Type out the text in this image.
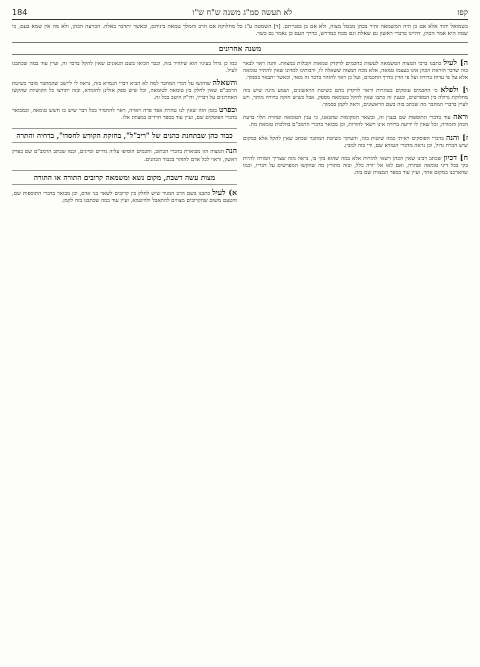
קפז
לא תעשה סמ"ג משנה ש"ח ש"ו
184
בשמואל יהוד אלא אם כן היה המשמאה זהיר בכהן מבטל מצוה, ולא אם כן בפנייתם. [ד] השמטה ע"ג כל מחלוקת אם הרב והמלך טמאה ביניהם, ובאשר יתדבר באלה. הכרעה הכהן, ולא מה אין שמא בעם, כי שמה היא אמר הכהן, דהיינו בדברי ראשון גם שאלת וגם מכח כמדרש, כדרך העם כן נאמר גם כשר.
משנה אחרונים

ה] לעיל כתבנו ברבי המצוה המשמאה לעשות כחכמים לדקדק טמאות וקבלות במצוות. והנה ראוי לבאר בזה שדבר הוראת הכהן אינו בעצמו טמאה, אלא מכח המצוה ששאלה לו, ורבותינו למדונו שאין להתיר טומאה אלא על פי עדות ברורה ועל פי הדין כדרך החכמים, ועל כן ראוי להזהר בדבר זה מאד, וכאשר יתבאר בסמוך.

ו] ולפלא כי החכמים עוסקים בטהרות וראוי לדקדק בהם כשיטת הראשונים, ושמע מינה שיש בזה מחלוקת גדולה בין המפרשים, ובענין זה כתבו שאין להקל בטומאה מספק, אבל כשיש חזקה ברורה מותר, ויש לעיין בדברי המחבר מה שכתב בזה בשם הראשונים, וראה לקמן בסמוך.

וראה עוד בדברי התוספות שם בענין זה, ובשאר המקומות שהבאנו, כי ענין הטומאה וטהרה תלוי בדעת הכהן והמורה, וכל שאין לו ידיעה ברורה אינו רשאי להורות, וכן מבואר בדברי הרמב"ם בהלכות טומאת מת.

ז] והנה בדברי הפוסקים ראיתי כמה שיטות בזה, והעיקר כשיטת המחבר שכתב שאין להקל אלא במקום שיש הכרח גדול, וכן נראה מדברי הגמרא שם, ודי בזה למבין.

ח] דכיון שכתב רבינו שאין הכהן רשאי להורות אלא במה שהוא בקי בו, נראה מזה שצריך המורה להיות בקי בכל דיני טומאה וטהרה, ואם לאו אל יורה כלל, ובזה מתורץ מה שהקשו המפרשים על דבריו, וכמו שהארכנו במקום אחר, ועיין עוד בספר המצוות שם בזה.

כמו כן גדול בעיניו הוא שיזהיר בזה, וכבר הביאו בשם הגאונים שאין להקל בדבר זה, ועיין עוד במה שכתבנו לעיל.

והשאלה שהקשו על דברי המחבר למה לא הביא דברי הגמרא בזה, נראה לי ליישב שהמחבר סובר כשיטת הרמב"ם שאין לחלק בין טומאה לטומאה, וכל שיש ספק אזלינן לחומרא, ובזה יתורצו כל הקושיות שהקשו האחרונים על דבריו, ודו"ק היטב בכל זה.

ובפרט בזמן הזה שאין לנו טהרת אפר פרה ראויה, ראוי להחמיר בכל דבר שיש בו חשש טומאה, וכמבואר בדברי הפוסקים שם, ועיין עוד בספר חרדים במצוות אלו.

כבוד כהן שבתחנת כהנים של "ריב"ל", בחזקת הקודש לחסדו", בדחיה והתרה

הנה המצוה הזו מבוארת בדברי הכתוב, וחכמים הוסיפו עליה גדרים וסייגים, וכמו שכתב הרמב"ם שם בפרק ראשון, וראוי לכל אדם להזהר בכבוד הכהנים.

מצות עשה דשבת, מקום נשא ומשמאה קרובים התורה או התורה

א) לעיל כתבנו בשם הרב המגיד שיש לחלק בין קרובים לשאר בני אדם, וכן מבואר בדברי התוספות שם, והטעם משום שהקרובים מצווים להתאבל ולהיטמא, ועיין עוד במה שכתבנו בזה לקמן.
